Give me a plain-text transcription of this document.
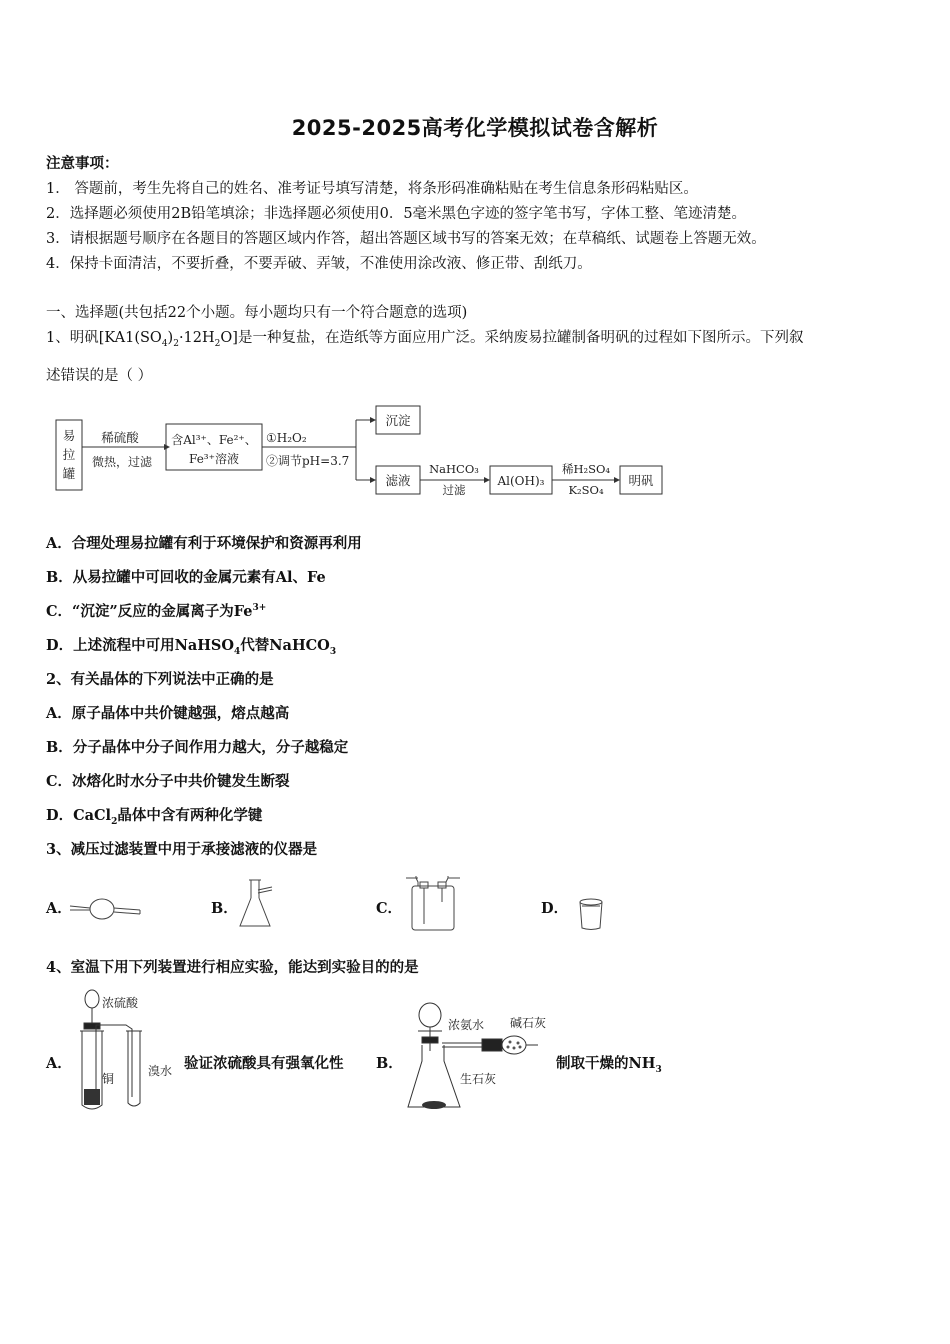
2025-2025高考化学模拟试卷含解析
注意事项：
1． 答题前，考生先将自己的姓名、准考证号填写清楚，将条形码准确粘贴在考生信息条形码粘贴区。
2．选择题必须使用2B铅笔填涂；非选择题必须使用0．5毫米黑色字迹的签字笔书写，字体工整、笔迹清楚。
3．请根据题号顺序在各题目的答题区域内作答，超出答题区域书写的答案无效；在草稿纸、试题卷上答题无效。
4．保持卡面清洁，不要折叠，不要弄破、弄皱，不准使用涂改液、修正带、刮纸刀。
一、选择题(共包括22个小题。每小题均只有一个符合题意的选项)
1、明矾$[KA1(SO_4)_2\cdot 12H_2O]$是一种复盐，在造纸等方面应用广泛。采纳废易拉罐制备明矾的过程如下图所示。下列叙
述错误的是（ ）
易
拉
罐
稀硫酸
微热，过滤
含Al³⁺、Fe²⁺、
Fe³⁺溶液
①H₂O₂
②调节pH=3.7
沉淀
滤液
NaHCO₃
过滤
Al(OH)₃
稀H₂SO₄
K₂SO₄
明矾
A．合理处理易拉罐有利于环境保护和资源再利用
B．从易拉罐中可回收的金属元素有Al、Fe
C．“沉淀”反应的金属离子为$Fe^{3+}$
D．上述流程中可用NaHSO$_4$代替NaHCO$_3$
2、有关晶体的下列说法中正确的是
A．原子晶体中共价键越强，熔点越高
B．分子晶体中分子间作用力越大，分子越稳定
C．冰熔化时水分子中共价键发生断裂
D．CaCl$_2$晶体中含有两种化学键
3、减压过滤装置中用于承接滤液的仪器是
A．	B．	C．	D．
4、室温下用下列装置进行相应实验，能达到实验目的的是
A．
浓硫酸
铜
溴水 验证浓硫酸具有强氧化性 B．
浓氨水 碱石灰
生石灰
制取干燥的$NH_3$
